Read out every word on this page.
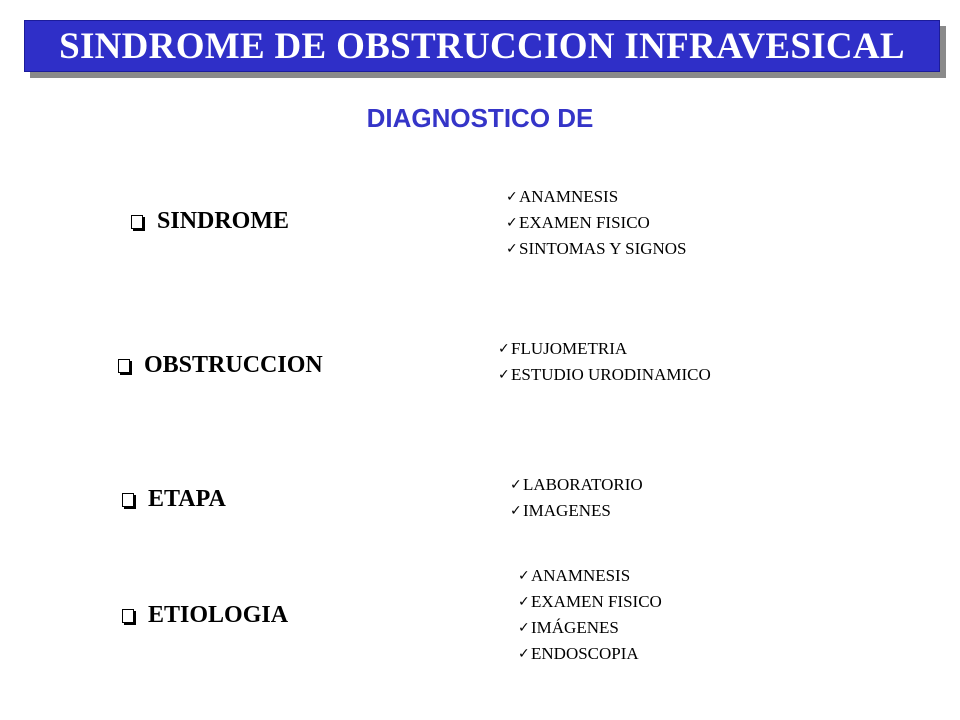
SINDROME DE OBSTRUCCION INFRAVESICAL
DIAGNOSTICO DE
SINDROME
✓ ANAMNESIS
✓ EXAMEN FISICO
✓ SINTOMAS Y SIGNOS
OBSTRUCCION
✓ FLUJOMETRIA
✓ ESTUDIO URODINAMICO
ETAPA
✓ LABORATORIO
✓ IMAGENES
ETIOLOGIA
✓ ANAMNESIS
✓ EXAMEN FISICO
✓ IMÁGENES
✓ ENDOSCOPIA
